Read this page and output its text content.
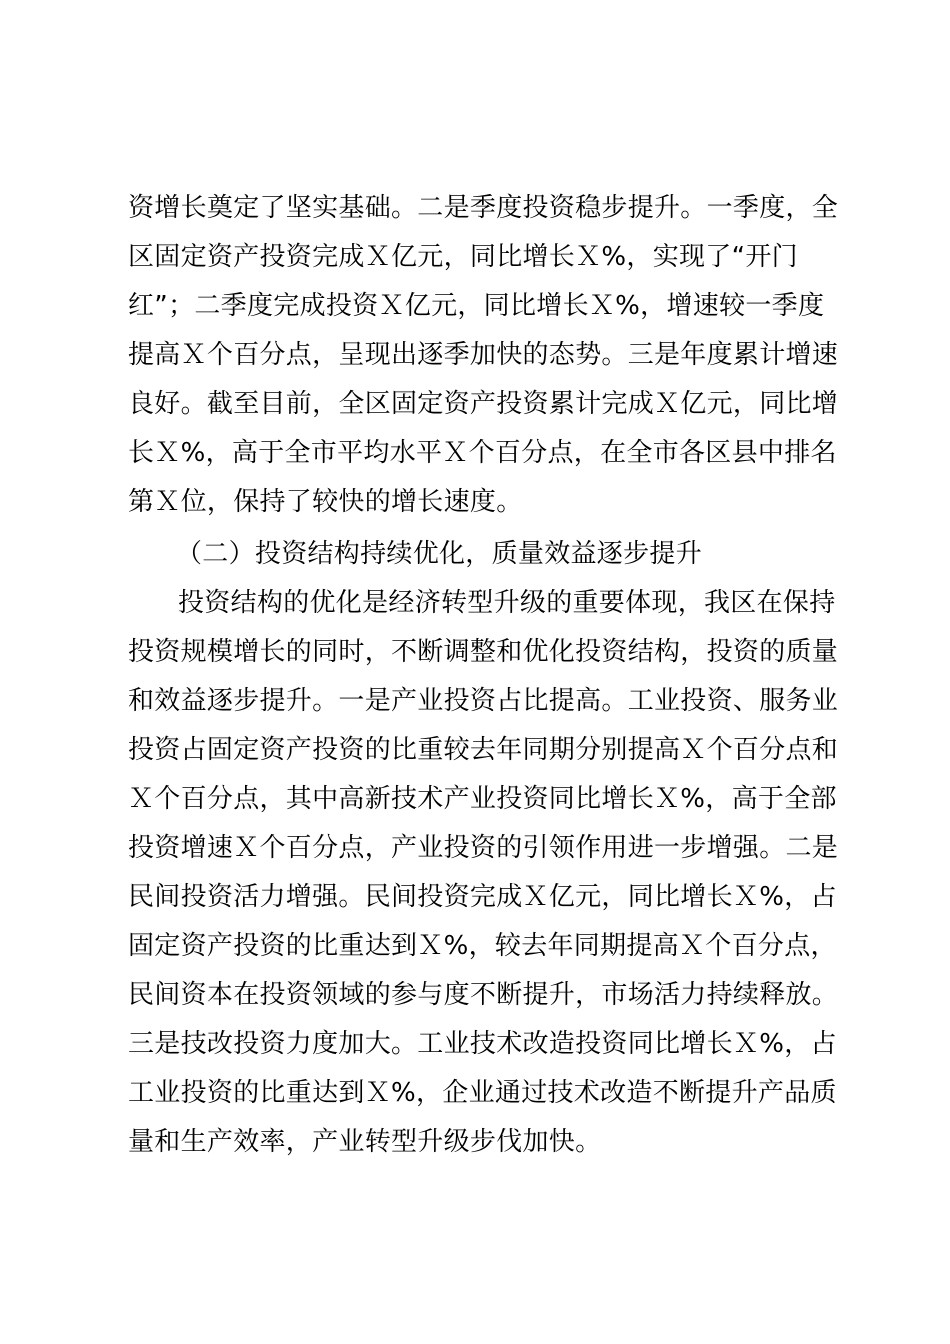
资增长奠定了坚实基础。二是季度投资稳步提升。一季度，全
区固定资产投资完成Ｘ亿元，同比增长Ｘ%，实现了“开门
红”；二季度完成投资Ｘ亿元，同比增长Ｘ%，增速较一季度
提高Ｘ个百分点，呈现出逐季加快的态势。三是年度累计增速
良好。截至目前，全区固定资产投资累计完成Ｘ亿元，同比增
长Ｘ%，高于全市平均水平Ｘ个百分点，在全市各区县中排名
第Ｘ位，保持了较快的增长速度。
（二）投资结构持续优化，质量效益逐步提升
投资结构的优化是经济转型升级的重要体现，我区在保持
投资规模增长的同时，不断调整和优化投资结构，投资的质量
和效益逐步提升。一是产业投资占比提高。工业投资、服务业
投资占固定资产投资的比重较去年同期分别提高Ｘ个百分点和
Ｘ个百分点，其中高新技术产业投资同比增长Ｘ%，高于全部
投资增速Ｘ个百分点，产业投资的引领作用进一步增强。二是
民间投资活力增强。民间投资完成Ｘ亿元，同比增长Ｘ%，占
固定资产投资的比重达到Ｘ%，较去年同期提高Ｘ个百分点，
民间资本在投资领域的参与度不断提升，市场活力持续释放。
三是技改投资力度加大。工业技术改造投资同比增长Ｘ%，占
工业投资的比重达到Ｘ%，企业通过技术改造不断提升产品质
量和生产效率，产业转型升级步伐加快。
